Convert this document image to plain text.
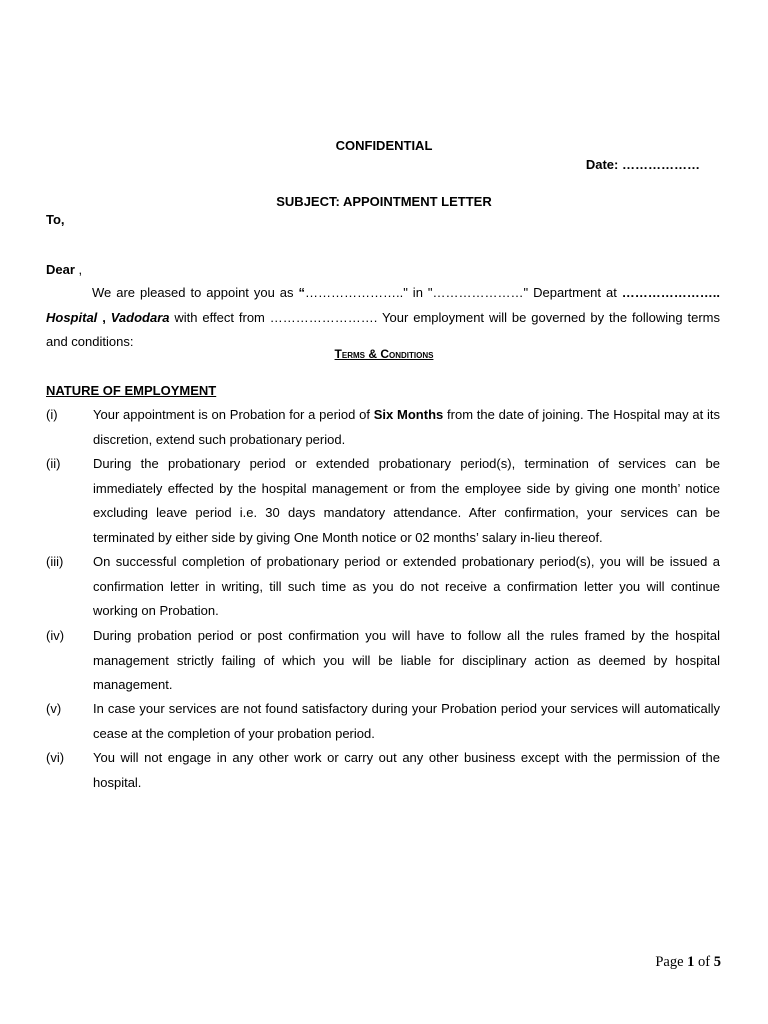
CONFIDENTIAL
Date: ………………
SUBJECT: APPOINTMENT LETTER
To,
Dear ,
We are pleased to appoint you as “………………….." in "…………………" Department at ………………….. Hospital , Vadodara with effect from ……………………. Your employment will be governed by the following terms and conditions:
Terms & Conditions
NATURE OF EMPLOYMENT
(i)	Your appointment is on Probation for a period of Six Months from the date of joining. The Hospital may at its discretion, extend such probationary period.
(ii)	During the probationary period or extended probationary period(s), termination of services can be immediately effected by the hospital management or from the employee side by giving one month’ notice excluding leave period i.e. 30 days mandatory attendance. After confirmation, your services can be terminated by either side by giving One Month notice or 02 months’ salary in-lieu thereof.
(iii)	On successful completion of probationary period or extended probationary period(s), you will be issued a confirmation letter in writing, till such time as you do not receive a confirmation letter you will continue working on Probation.
(iv)	During probation period or post confirmation you will have to follow all the rules framed by the hospital management strictly failing of which you will be liable for disciplinary action as deemed by hospital management.
(v)	In case your services are not found satisfactory during your Probation period your services will automatically cease at the completion of your probation period.
(vi)	You will not engage in any other work or carry out any other business except with the permission of the hospital.
Page 1 of 5
